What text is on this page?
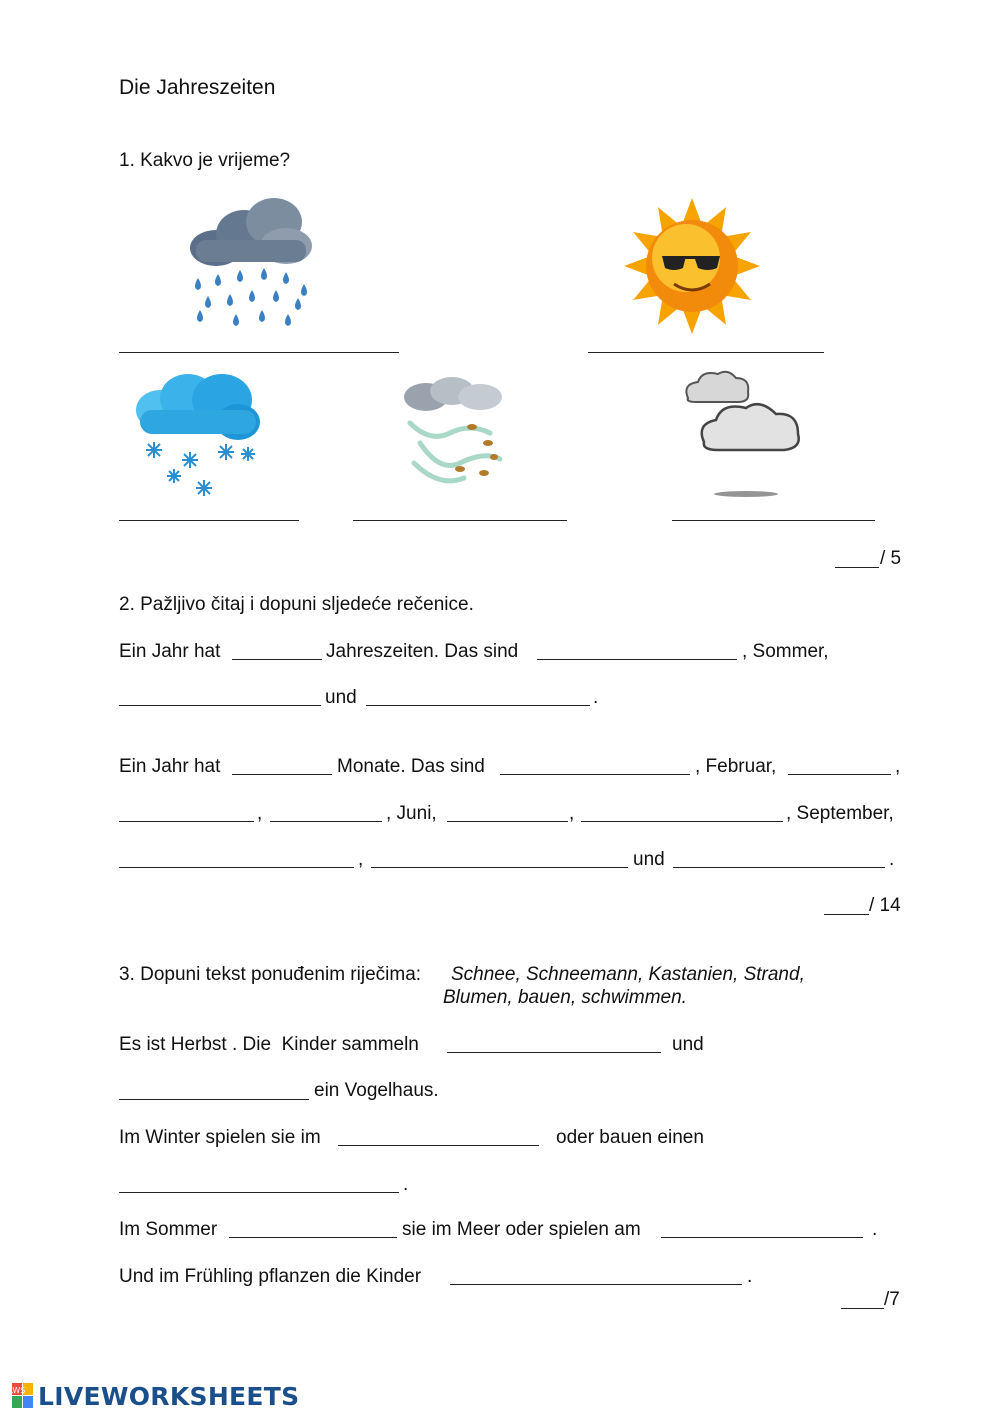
Die Jahreszeiten
1. Kakvo je vrijeme?
/ 5
2. Pažljivo čitaj i dopuni sljedeće rečenice.
Ein Jahr hat	Jahreszeiten. Das sind	, Sommer,
und	.
Ein Jahr hat	Monate. Das sind	, Februar,	,
,	, Juni,	,	, September,
,	und	.
/ 14
3. Dopuni tekst ponuđenim riječima: Schnee, Schneemann, Kastanien, Strand,
Blumen, bauen, schwimmen.
Es ist Herbst . Die  Kinder sammeln	und
ein Vogelhaus.
Im Winter spielen sie im	oder bauen einen
.
Im Sommer	sie im Meer oder spielen am	.
Und im Frühling pflanzen die Kinder	.
/7
LWS LIVEWORKSHEETS
